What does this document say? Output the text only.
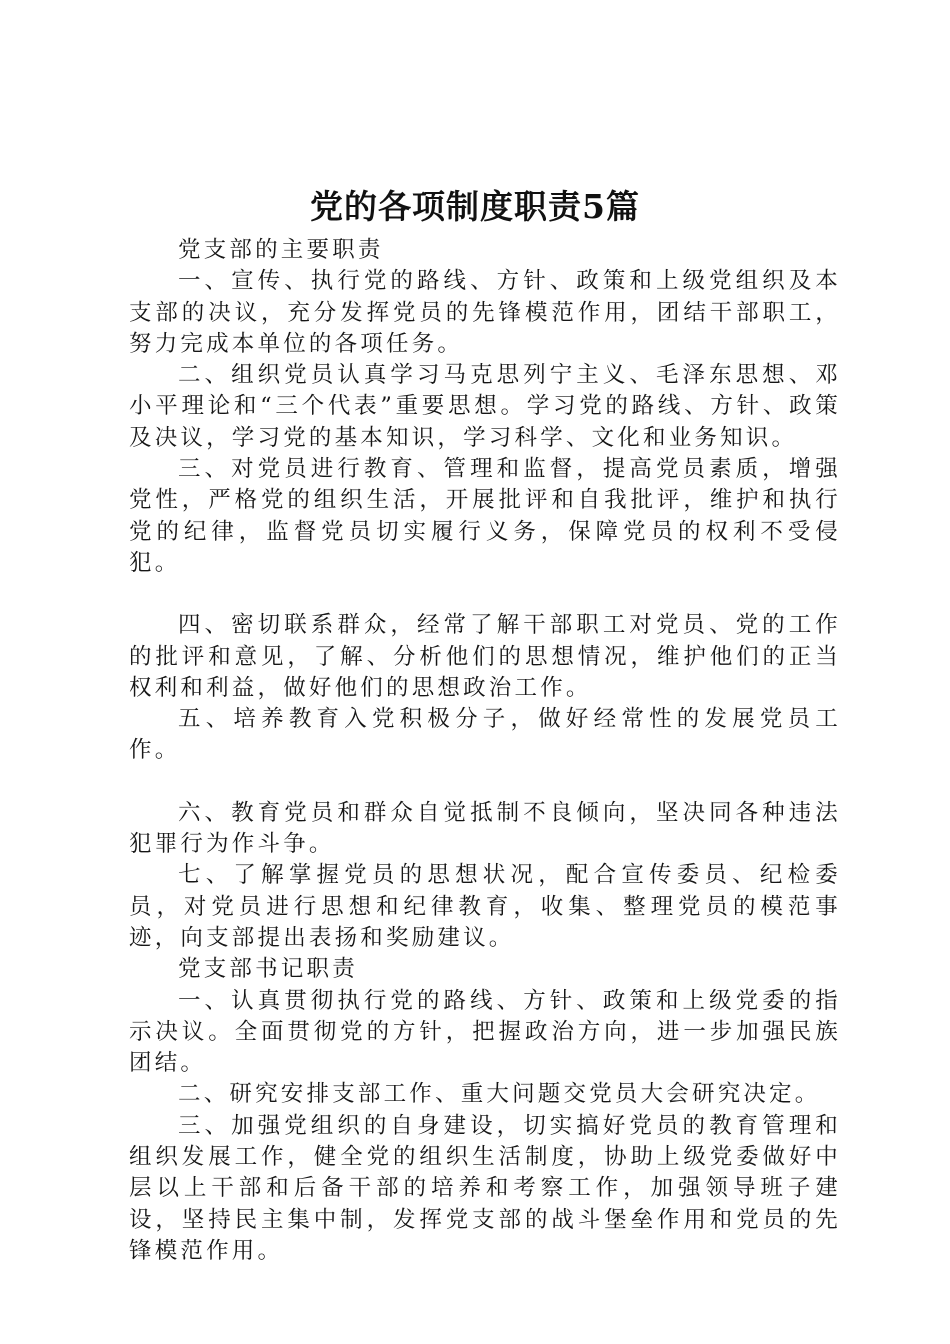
党的各项制度职责5篇

党支部的主要职责

一、宣传、执行党的路线、方针、政策和上级党组织及本支部的决议，充分发挥党员的先锋模范作用，团结干部职工，努力完成本单位的各项任务。

二、组织党员认真学习马克思列宁主义、毛泽东思想、邓小平理论和“三个代表”重要思想。学习党的路线、方针、政策及决议，学习党的基本知识，学习科学、文化和业务知识。

三、对党员进行教育、管理和监督，提高党员素质，增强党性，严格党的组织生活，开展批评和自我批评，维护和执行党的纪律，监督党员切实履行义务，保障党员的权利不受侵犯。

四、密切联系群众，经常了解干部职工对党员、党的工作的批评和意见，了解、分析他们的思想情况，维护他们的正当权利和利益，做好他们的思想政治工作。

五、培养教育入党积极分子，做好经常性的发展党员工作。

六、教育党员和群众自觉抵制不良倾向，坚决同各种违法犯罪行为作斗争。

七、了解掌握党员的思想状况，配合宣传委员、纪检委员，对党员进行思想和纪律教育，收集、整理党员的模范事迹，向支部提出表扬和奖励建议。

党支部书记职责

一、认真贯彻执行党的路线、方针、政策和上级党委的指示决议。全面贯彻党的方针，把握政治方向，进一步加强民族团结。

二、研究安排支部工作、重大问题交党员大会研究决定。

三、加强党组织的自身建设，切实搞好党员的教育管理和组织发展工作，健全党的组织生活制度，协助上级党委做好中层以上干部和后备干部的培养和考察工作，加强领导班子建设，坚持民主集中制，发挥党支部的战斗堡垒作用和党员的先锋模范作用。
